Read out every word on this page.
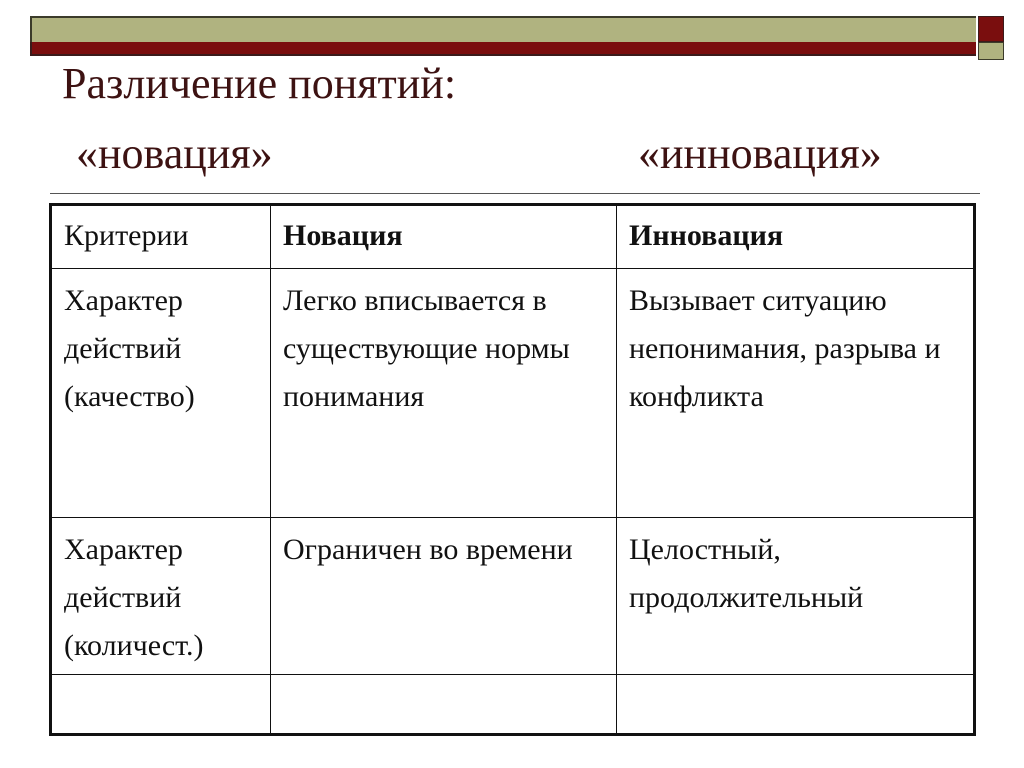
Различение понятий:
«новация»	«инновация»
Критерии	Новация	Инновация
Характер действий (качество)	Легко вписывается в существующие нормы понимания	Вызывает ситуацию непонимания, разрыва и конфликта
Характер действий (количест.)	Ограничен во времени	Целостный, продолжительный
